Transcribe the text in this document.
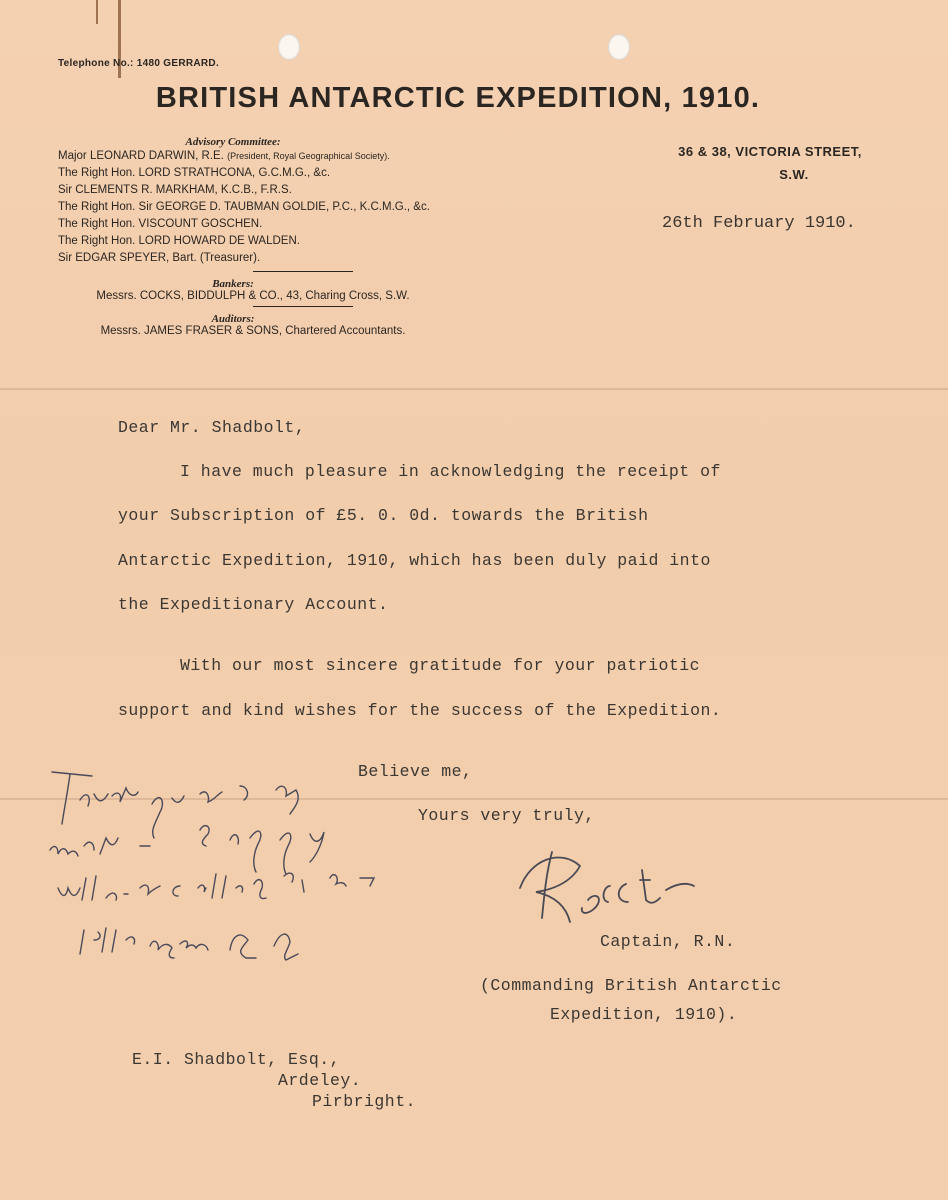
Telephone No.: 1480 GERRARD.
BRITISH ANTARCTIC EXPEDITION, 1910.
36 & 38, VICTORIA STREET,
S.W.
26th February 1910.
Advisory Committee:
Major LEONARD DARWIN, R.E. (President, Royal Geographical Society).
The Right Hon. LORD STRATHCONA, G.C.M.G., &c.
Sir CLEMENTS R. MARKHAM, K.C.B., F.R.S.
The Right Hon. Sir GEORGE D. TAUBMAN GOLDIE, P.C., K.C.M.G., &c.
The Right Hon. VISCOUNT GOSCHEN.
The Right Hon. LORD HOWARD DE WALDEN.
Sir EDGAR SPEYER, Bart. (Treasurer).
Bankers:
Messrs. COCKS, BIDDULPH & CO., 43, Charing Cross, S.W.
Auditors:
Messrs. JAMES FRASER & SONS, Chartered Accountants.
Dear Mr. Shadbolt,
I have much pleasure in acknowledging the receipt of
your Subscription of £5. 0. 0d. towards the British
Antarctic Expedition, 1910, which has been duly paid into
the Expeditionary Account.
With our most sincere gratitude for your patriotic
support and kind wishes for the success of the Expedition.
Believe me,
Yours very truly,
Captain, R.N.
(Commanding British Antarctic
Expedition, 1910).
E.I. Shadbolt, Esq.,
Ardeley.
Pirbright.
